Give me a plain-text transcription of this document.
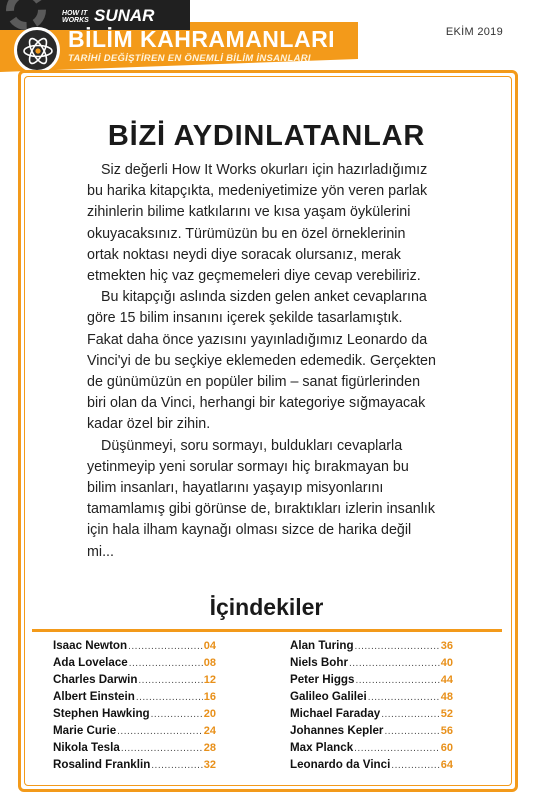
HOW IT WORKS SUNAR
BİLİM KAHRAMANLARI
TARİHİ DEĞİŞTİREN EN ÖNEMLİ BİLİM İNSANLARI
EKİM 2019
BİZİ AYDINLATANLAR

Siz değerli How It Works okurları için hazırladığımız bu harika kitapçıkta, medeniyetimize yön veren parlak zihinlerin bilime katkılarını ve kısa yaşam öykülerini okuyacaksınız. Türümüzün bu en özel örneklerinin ortak noktası neydi diye soracak olursanız, merak etmekten hiç vaz geçmemeleri diye cevap verebiliriz.

Bu kitapçığı aslında sizden gelen anket cevaplarına göre 15 bilim insanını içerek şekilde tasarlamıştık. Fakat daha önce yazısını yayınladığımız Leonardo da Vinci'yi de bu seçkiye eklemeden edemedik. Gerçekten de günümüzün en popüler bilim – sanat figürlerinden biri olan da Vinci, herhangi bir kategoriye sığmayacak kadar özel bir zihin.

Düşünmeyi, soru sormayı, buldukları cevaplarla yetinmeyip yeni sorular sormayı hiç bırakmayan bu bilim insanları, hayatlarını yaşayıp misyonlarını tamamlamış gibi görünse de, bıraktıkları izlerin insanlık için hala ilham kaynağı olması sizce de harika değil mi...

İçindekiler
Isaac Newton .....	04
Ada Lovelace .....	08
Charles Darwin .....	12
Albert Einstein .....	16
Stephen Hawking .....	20
Marie Curie .....	24
Nikola Tesla .....	28
Rosalind Franklin .....	32
Alan Turing .....	36
Niels Bohr .....	40
Peter Higgs .....	44
Galileo Galilei .....	48
Michael Faraday .....	52
Johannes Kepler .....	56
Max Planck .....	60
Leonardo da Vinci .....	64
